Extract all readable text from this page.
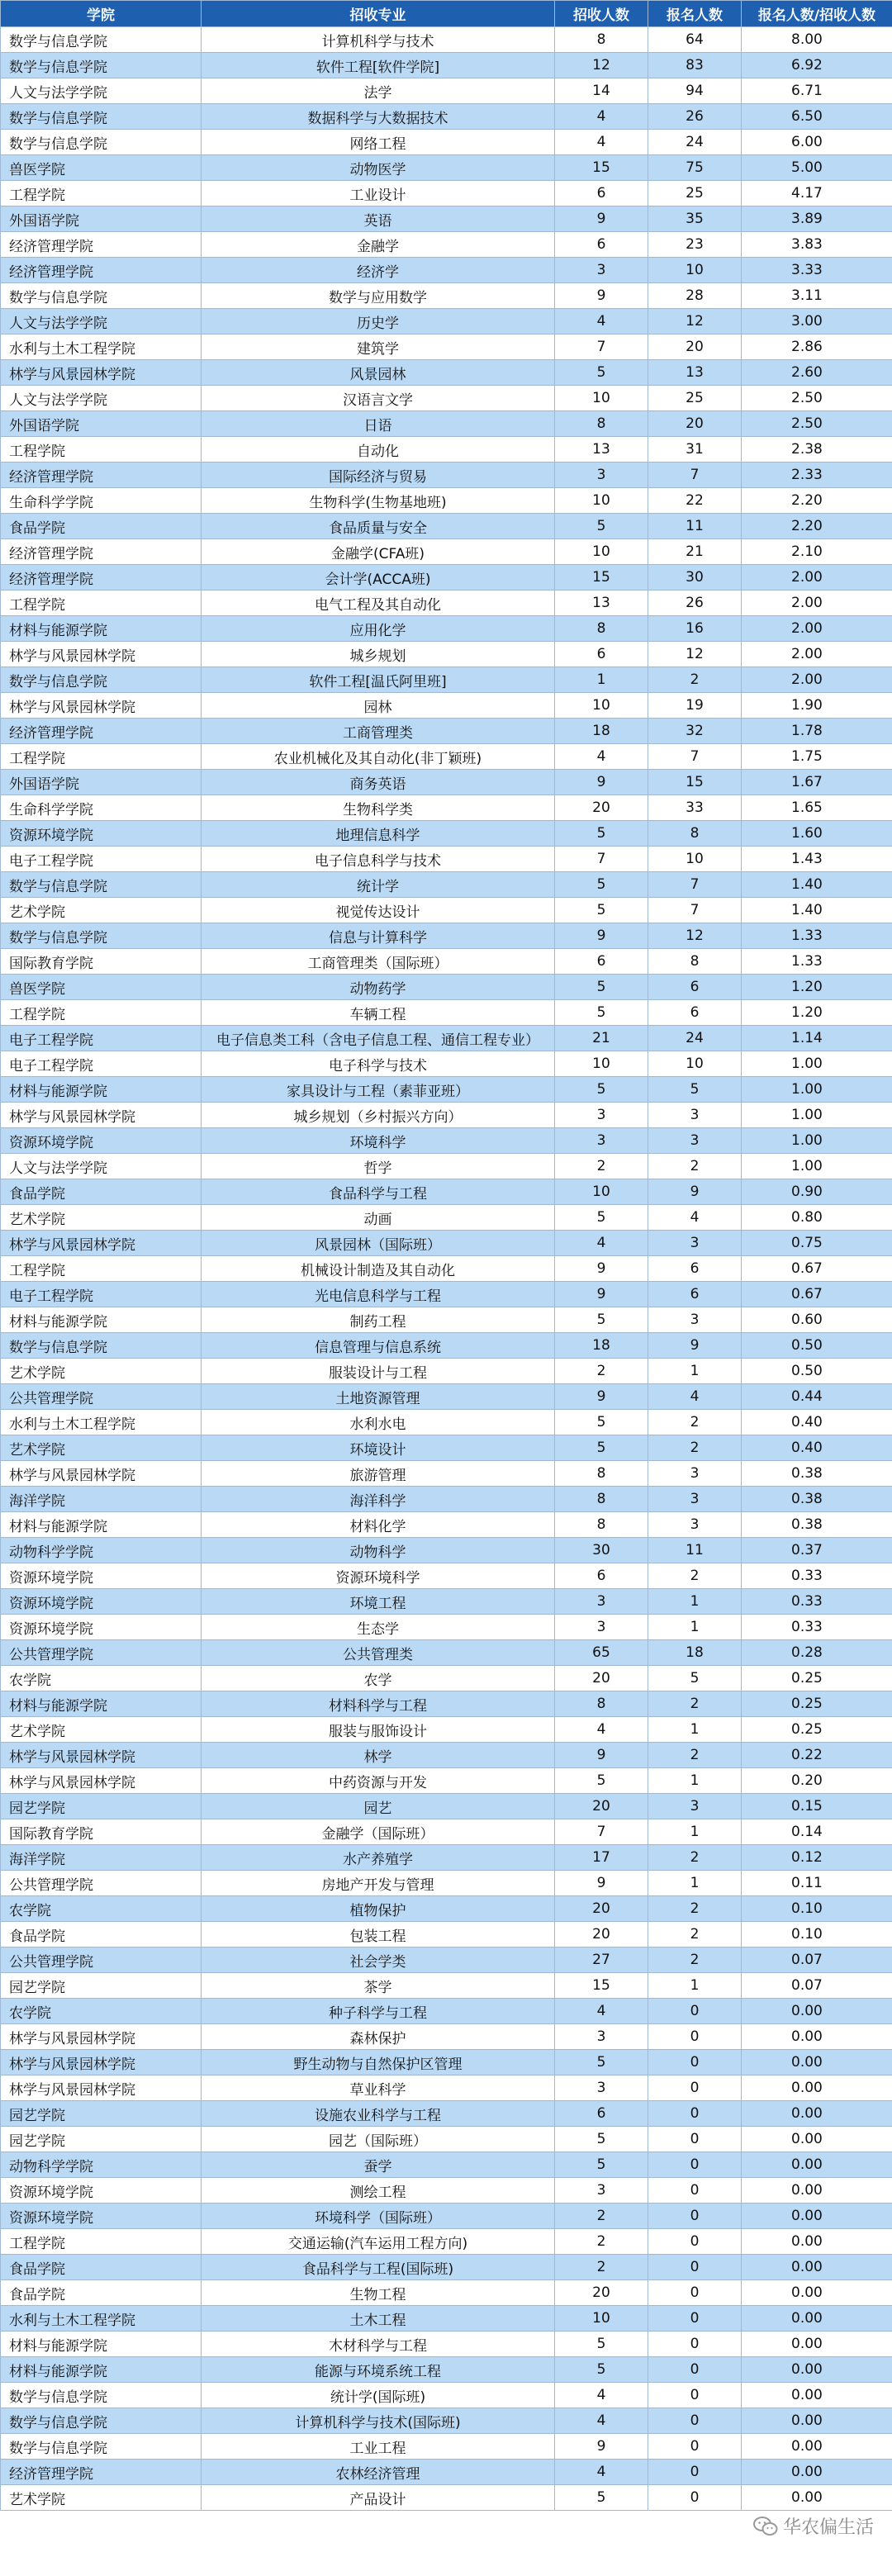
学院	招收专业	招收人数	报名人数	报名人数/招收人数
数学与信息学院	计算机科学与技术	8	64	8.00
数学与信息学院	软件工程[软件学院]	12	83	6.92
人文与法学学院	法学	14	94	6.71
数学与信息学院	数据科学与大数据技术	4	26	6.50
数学与信息学院	网络工程	4	24	6.00
兽医学院	动物医学	15	75	5.00
工程学院	工业设计	6	25	4.17
外国语学院	英语	9	35	3.89
经济管理学院	金融学	6	23	3.83
经济管理学院	经济学	3	10	3.33
数学与信息学院	数学与应用数学	9	28	3.11
人文与法学学院	历史学	4	12	3.00
水利与土木工程学院	建筑学	7	20	2.86
林学与风景园林学院	风景园林	5	13	2.60
人文与法学学院	汉语言文学	10	25	2.50
外国语学院	日语	8	20	2.50
工程学院	自动化	13	31	2.38
经济管理学院	国际经济与贸易	3	7	2.33
生命科学学院	生物科学(生物基地班)	10	22	2.20
食品学院	食品质量与安全	5	11	2.20
经济管理学院	金融学(CFA班)	10	21	2.10
经济管理学院	会计学(ACCA班)	15	30	2.00
工程学院	电气工程及其自动化	13	26	2.00
材料与能源学院	应用化学	8	16	2.00
林学与风景园林学院	城乡规划	6	12	2.00
数学与信息学院	软件工程[温氏阿里班]	1	2	2.00
林学与风景园林学院	园林	10	19	1.90
经济管理学院	工商管理类	18	32	1.78
工程学院	农业机械化及其自动化(非丁颖班)	4	7	1.75
外国语学院	商务英语	9	15	1.67
生命科学学院	生物科学类	20	33	1.65
资源环境学院	地理信息科学	5	8	1.60
电子工程学院	电子信息科学与技术	7	10	1.43
数学与信息学院	统计学	5	7	1.40
艺术学院	视觉传达设计	5	7	1.40
数学与信息学院	信息与计算科学	9	12	1.33
国际教育学院	工商管理类（国际班）	6	8	1.33
兽医学院	动物药学	5	6	1.20
工程学院	车辆工程	5	6	1.20
电子工程学院	电子信息类工科（含电子信息工程、通信工程专业）	21	24	1.14
电子工程学院	电子科学与技术	10	10	1.00
材料与能源学院	家具设计与工程（素菲亚班）	5	5	1.00
林学与风景园林学院	城乡规划（乡村振兴方向）	3	3	1.00
资源环境学院	环境科学	3	3	1.00
人文与法学学院	哲学	2	2	1.00
食品学院	食品科学与工程	10	9	0.90
艺术学院	动画	5	4	0.80
林学与风景园林学院	风景园林（国际班）	4	3	0.75
工程学院	机械设计制造及其自动化	9	6	0.67
电子工程学院	光电信息科学与工程	9	6	0.67
材料与能源学院	制药工程	5	3	0.60
数学与信息学院	信息管理与信息系统	18	9	0.50
艺术学院	服装设计与工程	2	1	0.50
公共管理学院	土地资源管理	9	4	0.44
水利与土木工程学院	水利水电	5	2	0.40
艺术学院	环境设计	5	2	0.40
林学与风景园林学院	旅游管理	8	3	0.38
海洋学院	海洋科学	8	3	0.38
材料与能源学院	材料化学	8	3	0.38
动物科学学院	动物科学	30	11	0.37
资源环境学院	资源环境科学	6	2	0.33
资源环境学院	环境工程	3	1	0.33
资源环境学院	生态学	3	1	0.33
公共管理学院	公共管理类	65	18	0.28
农学院	农学	20	5	0.25
材料与能源学院	材料科学与工程	8	2	0.25
艺术学院	服装与服饰设计	4	1	0.25
林学与风景园林学院	林学	9	2	0.22
林学与风景园林学院	中药资源与开发	5	1	0.20
园艺学院	园艺	20	3	0.15
国际教育学院	金融学（国际班）	7	1	0.14
海洋学院	水产养殖学	17	2	0.12
公共管理学院	房地产开发与管理	9	1	0.11
农学院	植物保护	20	2	0.10
食品学院	包装工程	20	2	0.10
公共管理学院	社会学类	27	2	0.07
园艺学院	茶学	15	1	0.07
农学院	种子科学与工程	4	0	0.00
林学与风景园林学院	森林保护	3	0	0.00
林学与风景园林学院	野生动物与自然保护区管理	5	0	0.00
林学与风景园林学院	草业科学	3	0	0.00
园艺学院	设施农业科学与工程	6	0	0.00
园艺学院	园艺（国际班）	5	0	0.00
动物科学学院	蚕学	5	0	0.00
资源环境学院	测绘工程	3	0	0.00
资源环境学院	环境科学（国际班）	2	0	0.00
工程学院	交通运输(汽车运用工程方向)	2	0	0.00
食品学院	食品科学与工程(国际班)	2	0	0.00
食品学院	生物工程	20	0	0.00
水利与土木工程学院	土木工程	10	0	0.00
材料与能源学院	木材科学与工程	5	0	0.00
材料与能源学院	能源与环境系统工程	5	0	0.00
数学与信息学院	统计学(国际班)	4	0	0.00
数学与信息学院	计算机科学与技术(国际班)	4	0	0.00
数学与信息学院	工业工程	9	0	0.00
经济管理学院	农林经济管理	4	0	0.00
艺术学院	产品设计	5	0	0.00
华农偏生活
